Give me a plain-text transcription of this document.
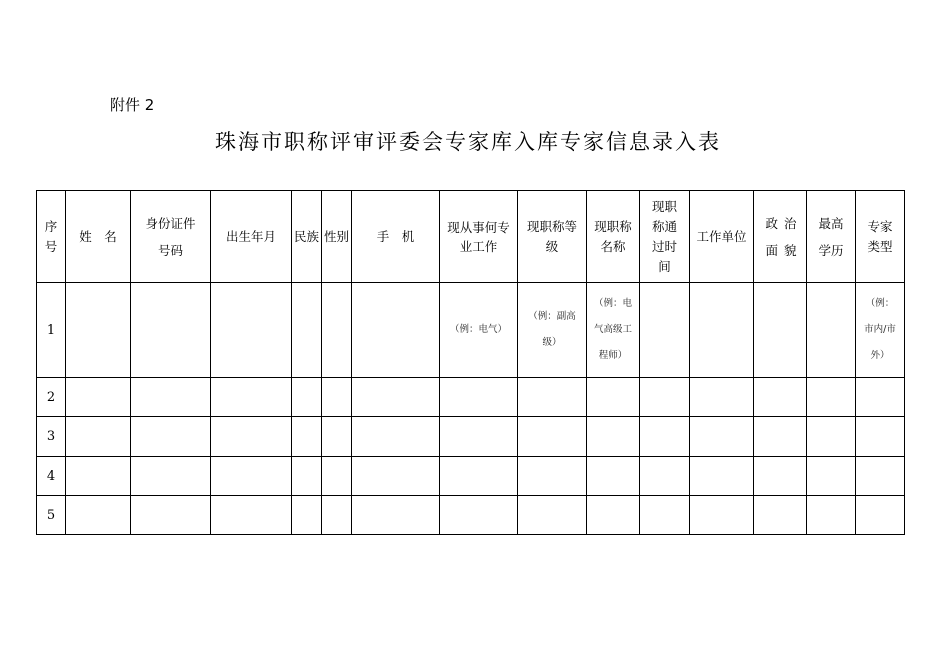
附件 2
珠海市职称评审评委会专家库入库专家信息录入表
序号	姓　名	身份证件号码	出生年月	民族	性别	手　机	现从事何专业工作	现职称等级	现职称名称	现职称通过时间	工作单位	政治面貌	最高学历	专家类型

1							（例：电气）	（例：副高级）	（例：电气高级工程师）					（例：市内/市外）

2														
3														
4														
5														
